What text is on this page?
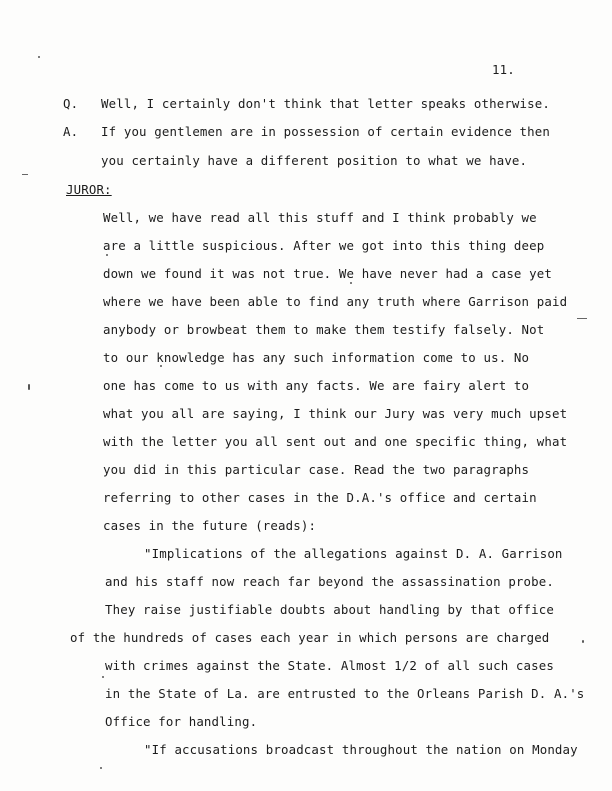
11.
Q. Well, I certainly don't think that letter speaks otherwise.
A. If you gentlemen are in possession of certain evidence then
you certainly have a different position to what we have.
JUROR:
Well, we have read all this stuff and I think probably we
are a little suspicious. After we got into this thing deep
down we found it was not true. We have never had a case yet
where we have been able to find any truth where Garrison paid
anybody or browbeat them to make them testify falsely. Not
to our knowledge has any such information come to us. No
one has come to us with any facts. We are fairy alert to
what you all are saying, I think our Jury was very much upset
with the letter you all sent out and one specific thing, what
you did in this particular case. Read the two paragraphs
referring to other cases in the D.A.'s office and certain
cases in the future (reads):
"Implications of the allegations against D. A. Garrison
and his staff now reach far beyond the assassination probe.
They raise justifiable doubts about handling by that office
of the hundreds of cases each year in which persons are charged
with crimes against the State. Almost 1/2 of all such cases
in the State of La. are entrusted to the Orleans Parish D. A.'s
Office for handling.
"If accusations broadcast throughout the nation on Monday
